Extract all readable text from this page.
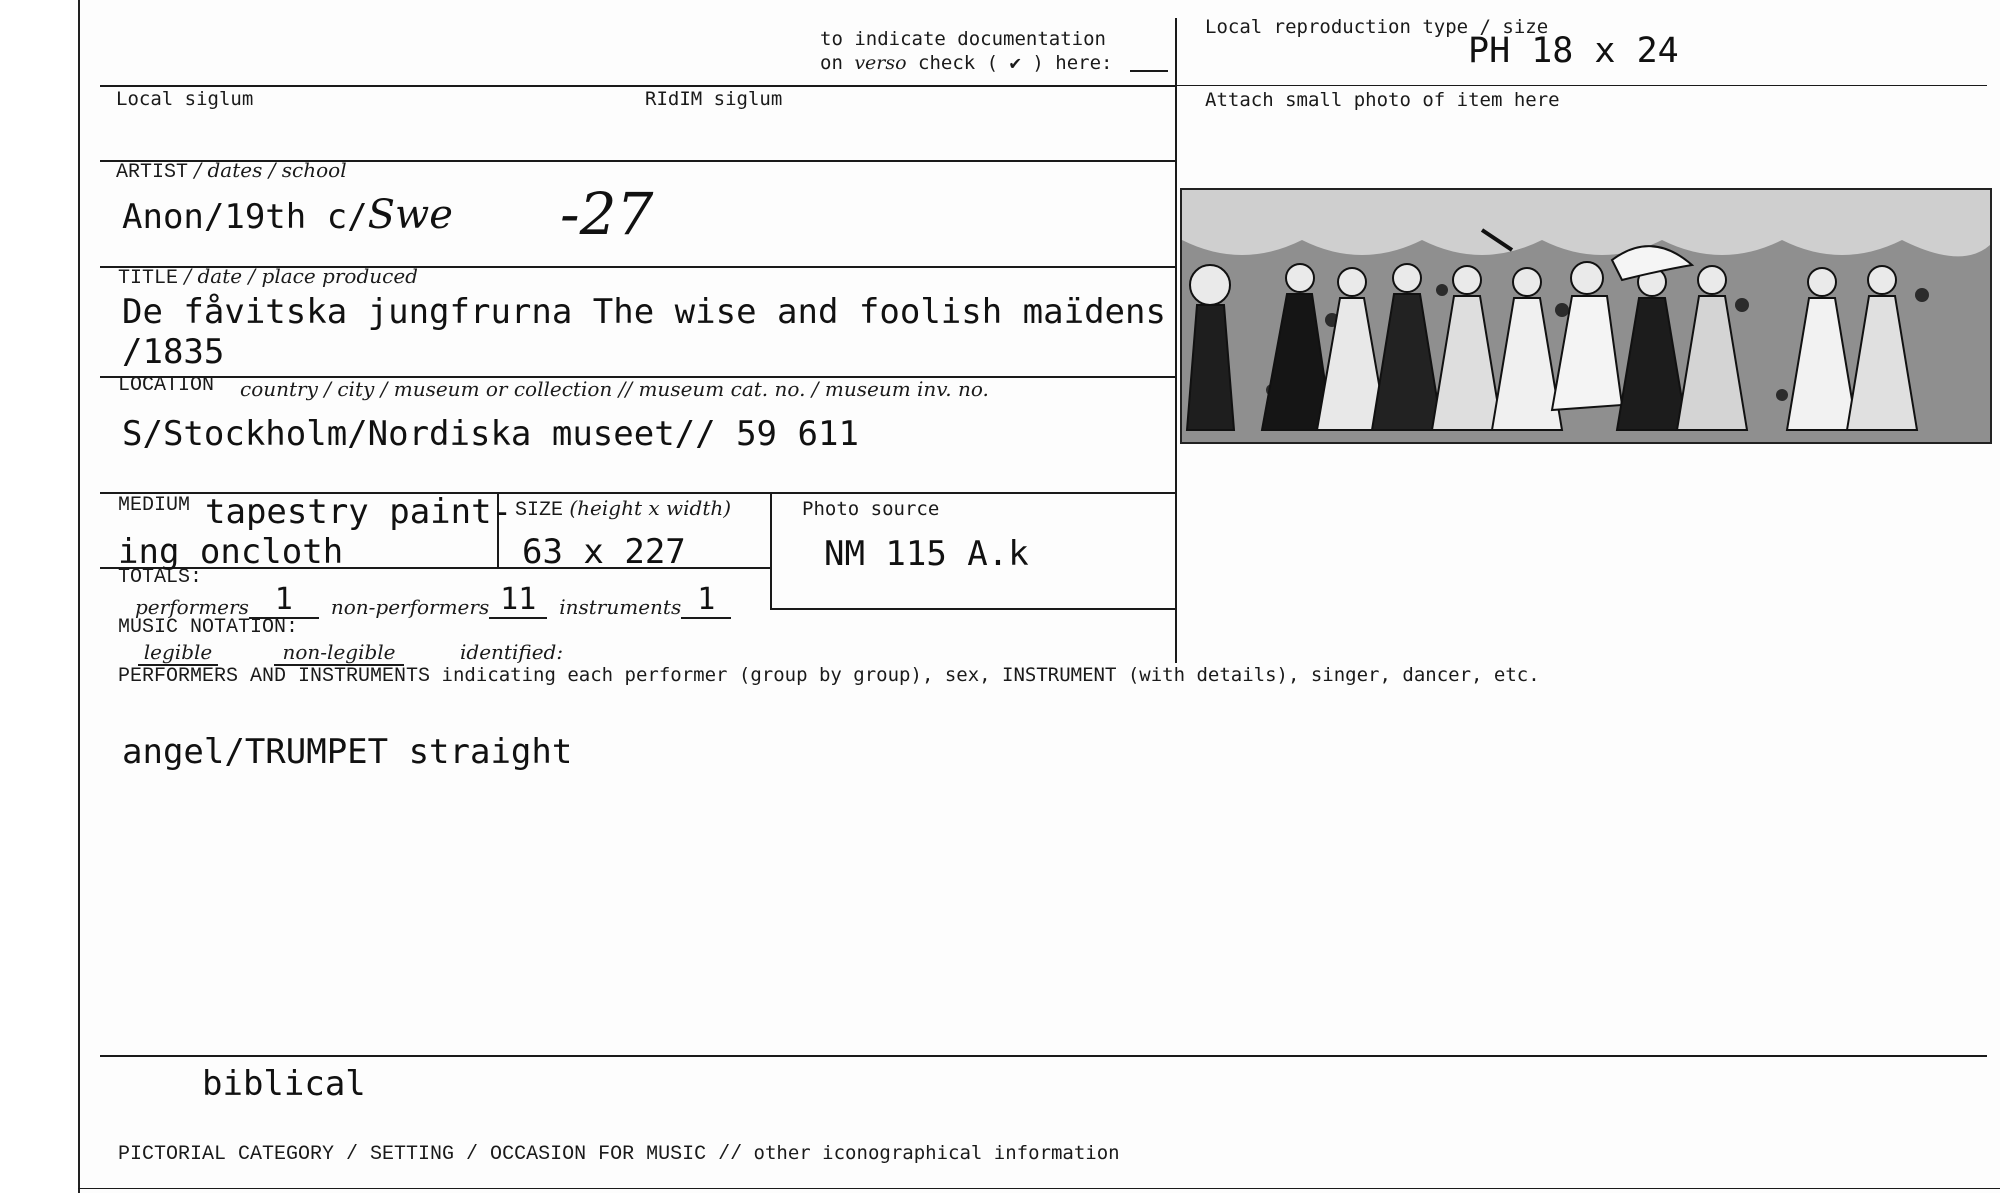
to indicate documentation
on verso check ( ✔ ) here:
Local reproduction type / size
PH 18 x 24
Local siglum	RIdIM siglum	Attach small photo of item here
ARTIST / dates / school
Anon/19th c/Swe -27
TITLE / date / place produced
De fåvitska jungfrurna The wise and foolish maïdens
/1835
LOCATION country / city / museum or collection // museum cat. no. / museum inv. no.
S/Stockholm/Nordiska museet// 59 611
MEDIUM tapestry paint-
ing oncloth
SIZE (height x width)
63 x 227
Photo source
NM 115 A.k
TOTALS:
performers 1	non-performers 11	instruments 1
MUSIC NOTATION:
legible	non-legible	identified:
PERFORMERS AND INSTRUMENTS indicating each performer (group by group), sex, INSTRUMENT (with details), singer, dancer, etc.
angel/TRUMPET straight
biblical
PICTORIAL CATEGORY / SETTING / OCCASION FOR MUSIC // other iconographical information
